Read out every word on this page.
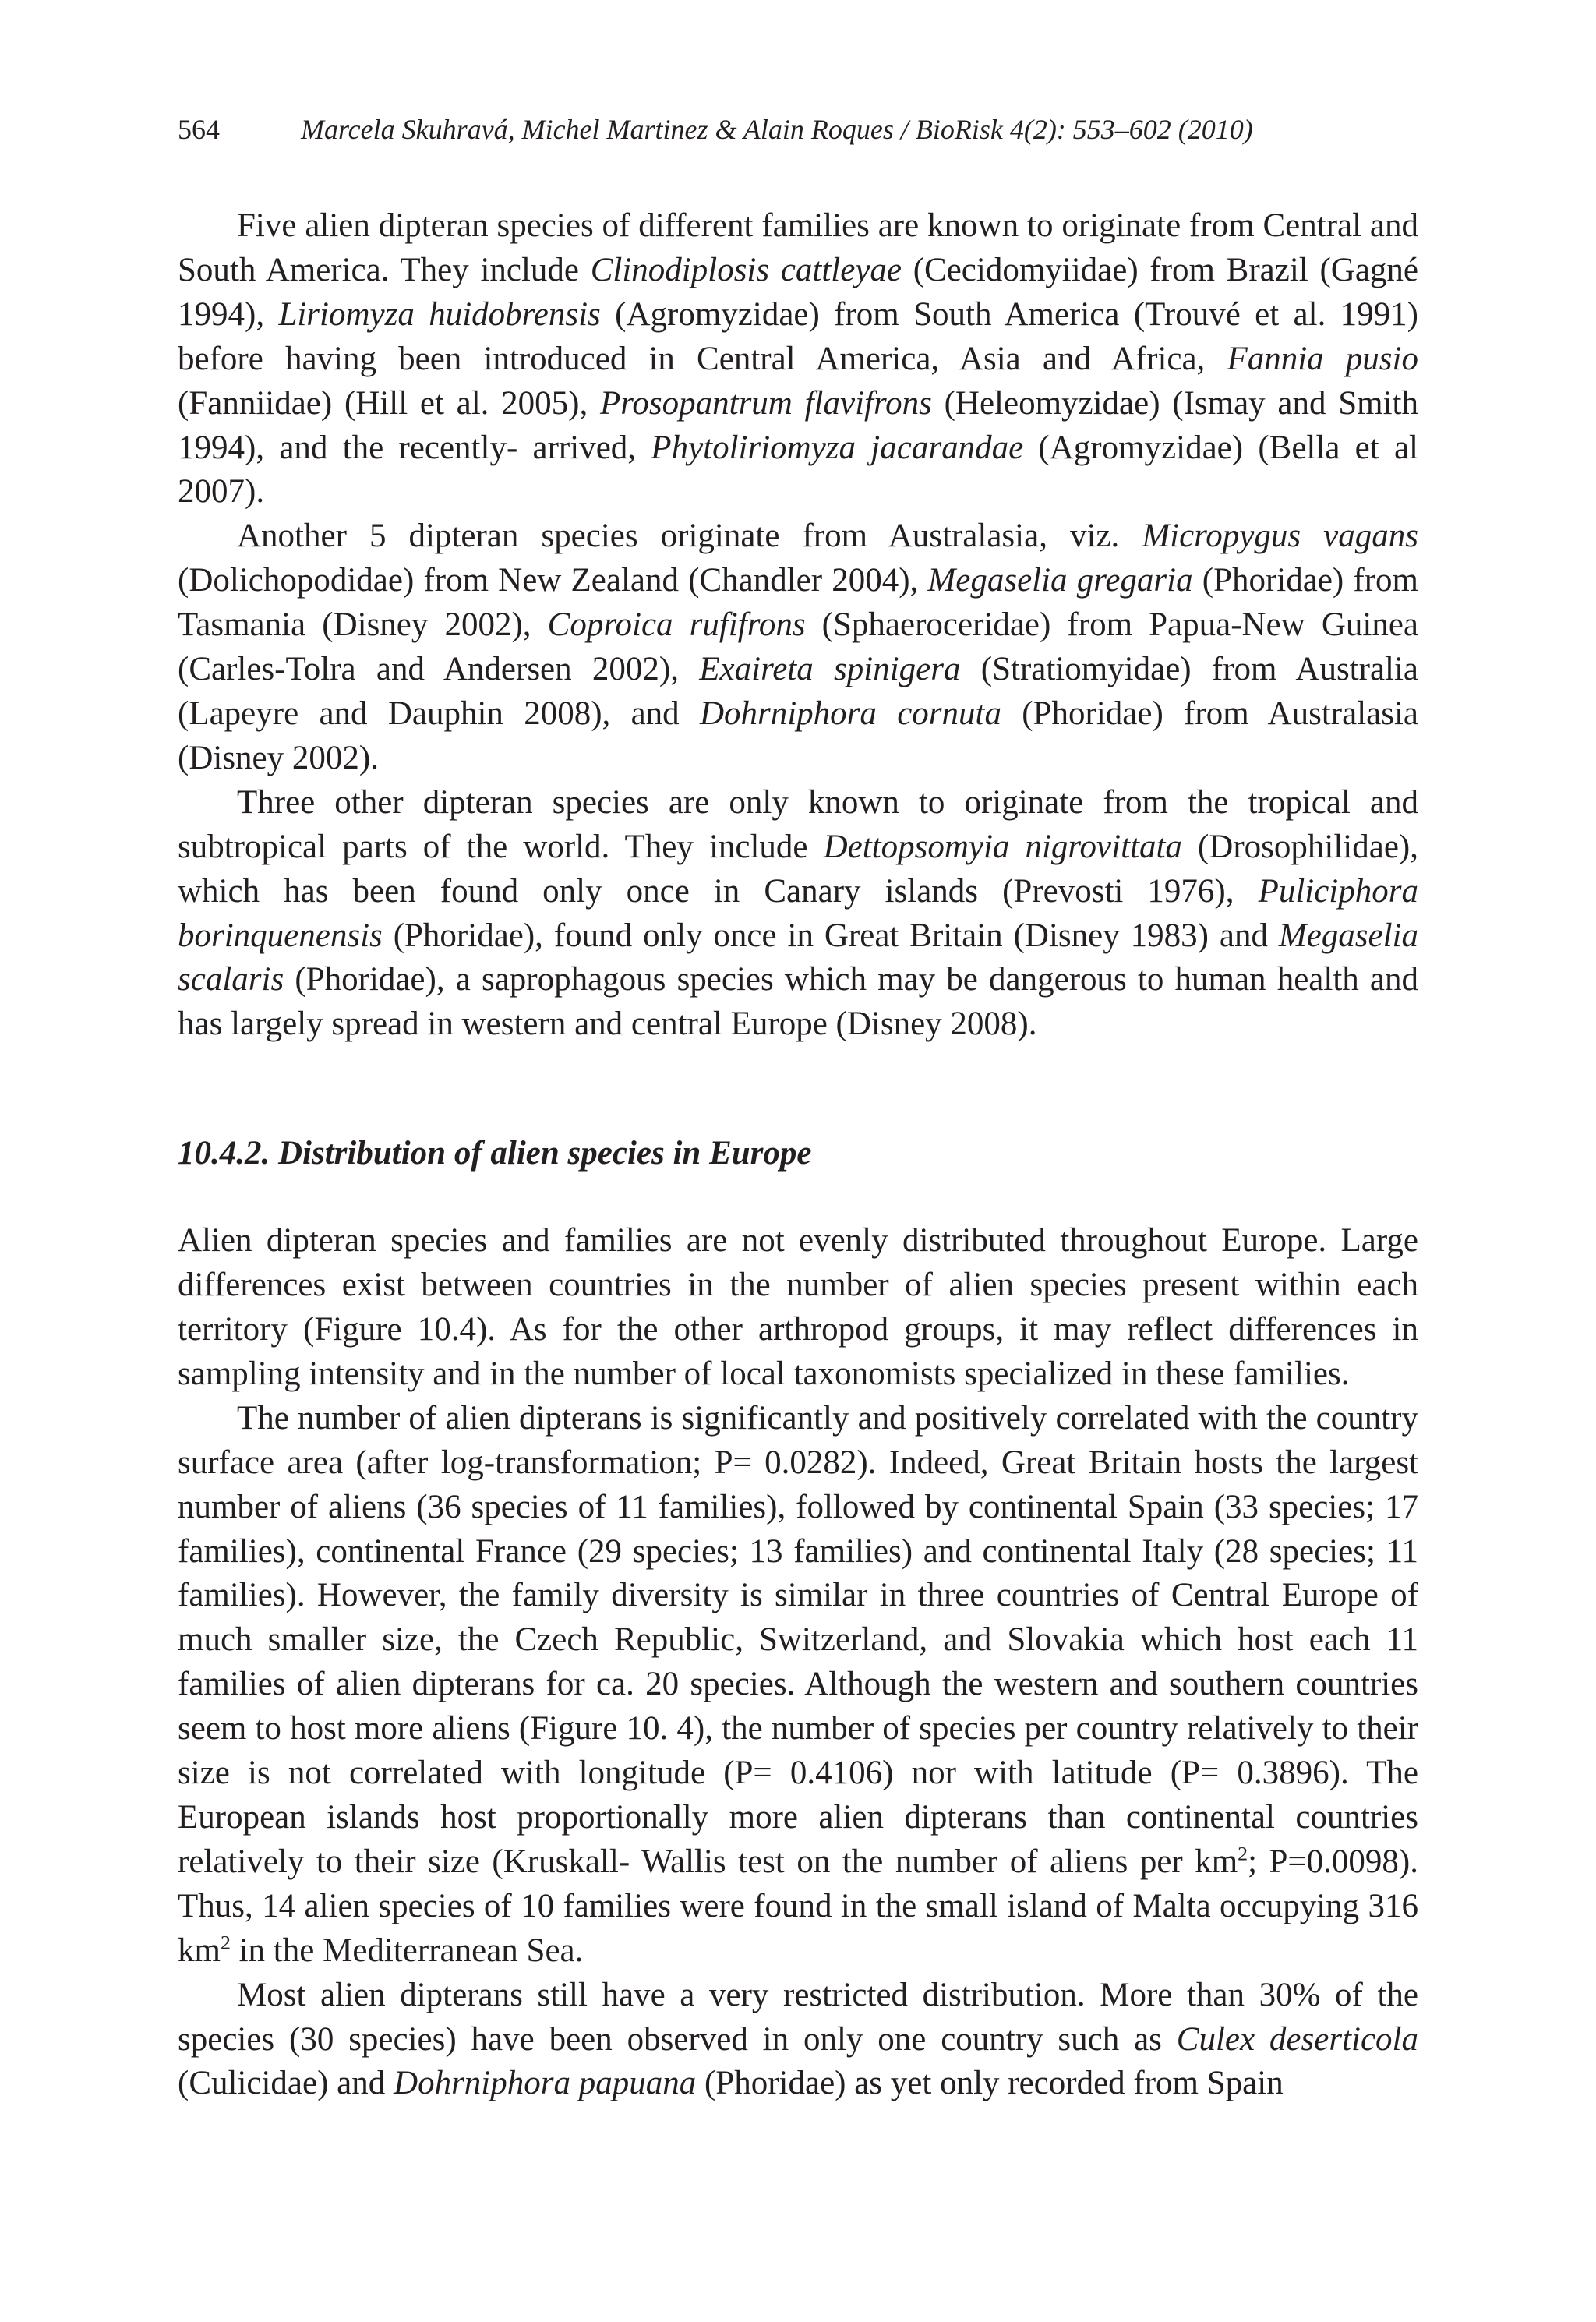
564	Marcela Skuhravá, Michel Martinez & Alain Roques / BioRisk 4(2): 553–602 (2010)

Five alien dipteran species of different families are known to originate from Central and South America. They include Clinodiplosis cattleyae (Cecidomyiidae) from Brazil (Gagné 1994), Liriomyza huidobrensis (Agromyzidae) from South America (Trouvé et al. 1991) before having been introduced in Central America, Asia and Africa, Fannia pusio (Fanniidae) (Hill et al. 2005), Prosopantrum flavifrons (Heleomyzidae) (Ismay and Smith 1994), and the recently- arrived, Phytoliriomyza jacarandae (Agromyzidae) (Bella et al 2007).

Another 5 dipteran species originate from Australasia, viz. Micropygus vagans (Dolichopodidae) from New Zealand (Chandler 2004), Megaselia gregaria (Phoridae) from Tasmania (Disney 2002), Coproica rufifrons (Sphaeroceridae) from Papua-New Guinea (Carles-Tolra and Andersen 2002), Exaireta spinigera (Stratiomyidae) from Australia (Lapeyre and Dauphin 2008), and Dohrniphora cornuta (Phoridae) from Australasia (Disney 2002).

Three other dipteran species are only known to originate from the tropical and subtropical parts of the world. They include Dettopsomyia nigrovittata (Drosophilidae), which has been found only once in Canary islands (Prevosti 1976), Puliciphora borinquenensis (Phoridae), found only once in Great Britain (Disney 1983) and Megaselia scalaris (Phoridae), a saprophagous species which may be dangerous to human health and has largely spread in western and central Europe (Disney 2008).

10.4.2. Distribution of alien species in Europe

Alien dipteran species and families are not evenly distributed throughout Europe. Large differences exist between countries in the number of alien species present within each territory (Figure 10.4). As for the other arthropod groups, it may reflect differences in sampling intensity and in the number of local taxonomists specialized in these families.

The number of alien dipterans is significantly and positively correlated with the country surface area (after log-transformation; P= 0.0282). Indeed, Great Britain hosts the largest number of aliens (36 species of 11 families), followed by continental Spain (33 species; 17 families), continental France (29 species; 13 families) and continental Italy (28 species; 11 families). However, the family diversity is similar in three countries of Central Europe of much smaller size, the Czech Republic, Switzerland, and Slovakia which host each 11 families of alien dipterans for ca. 20 species. Although the western and southern countries seem to host more aliens (Figure 10. 4), the number of species per country relatively to their size is not correlated with longitude (P= 0.4106) nor with latitude (P= 0.3896). The European islands host proportionally more alien dipterans than continental countries relatively to their size (Kruskall- Wallis test on the number of aliens per $km^2$; P=0.0098). Thus, 14 alien species of 10 families were found in the small island of Malta occupying 316 $km^2$ in the Mediterranean Sea.

Most alien dipterans still have a very restricted distribution. More than 30% of the species (30 species) have been observed in only one country such as Culex deserticola (Culicidae) and Dohrniphora papuana (Phoridae) as yet only recorded from Spain
